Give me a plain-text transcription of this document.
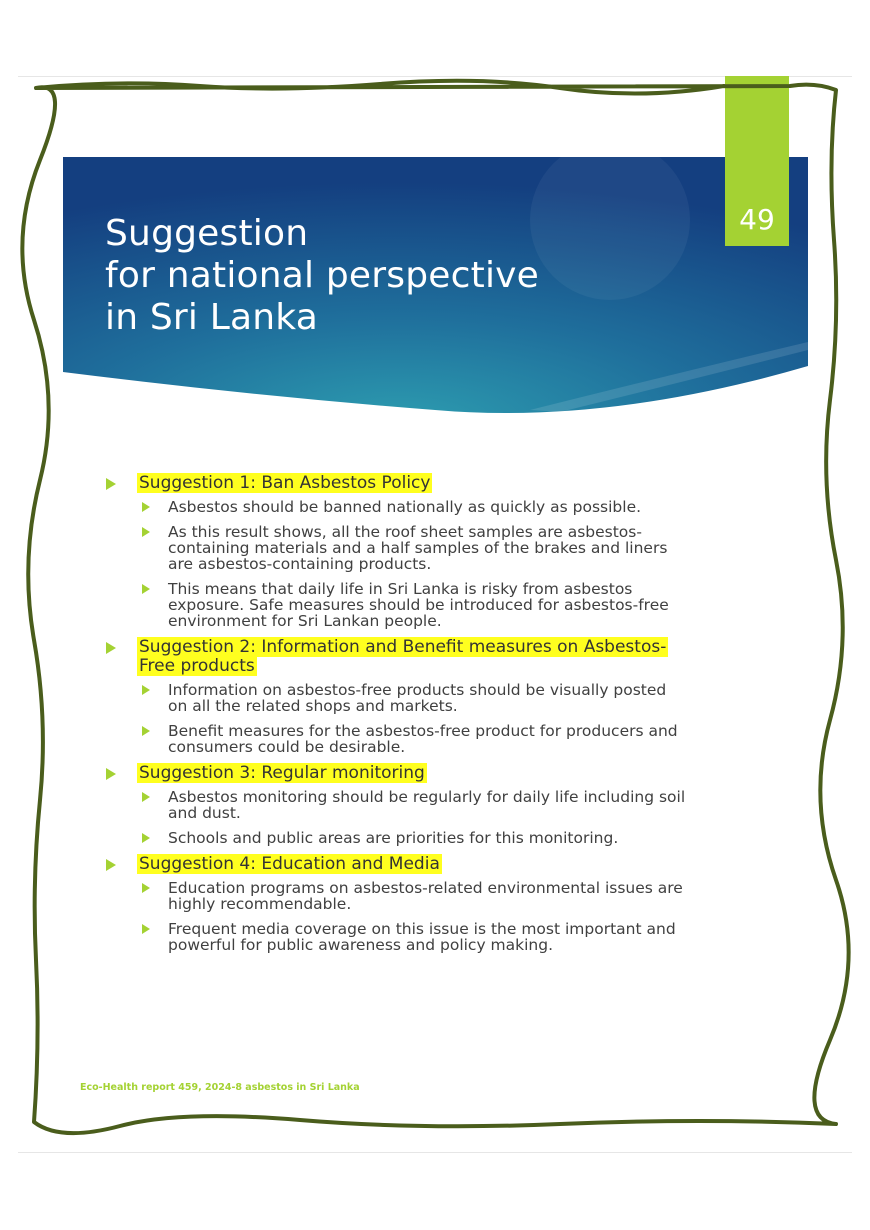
Suggestion
for national perspective
in Sri Lanka
49
Suggestion 1: Ban Asbestos Policy
Asbestos should be banned nationally as quickly as possible.
As this result shows, all the roof sheet samples are asbestos-containing materials and a half samples of the brakes and liners are asbestos-containing products.
This means that daily life in Sri Lanka is risky from asbestos exposure. Safe measures should be introduced for asbestos-free environment for Sri Lankan people.
Suggestion 2: Information and Benefit measures on Asbestos-Free products
Information on asbestos-free products should be visually posted on all the related shops and markets.
Benefit measures for the asbestos-free product for producers and consumers could be desirable.
Suggestion 3: Regular monitoring
Asbestos monitoring should be regularly for daily life including soil and dust.
Schools and public areas are priorities for this monitoring.
Suggestion 4: Education and Media
Education programs on asbestos-related environmental issues are highly recommendable.
Frequent media coverage on this issue is the most important and powerful for public awareness and policy making.
Eco-Health report 459, 2024-8 asbestos in Sri Lanka
